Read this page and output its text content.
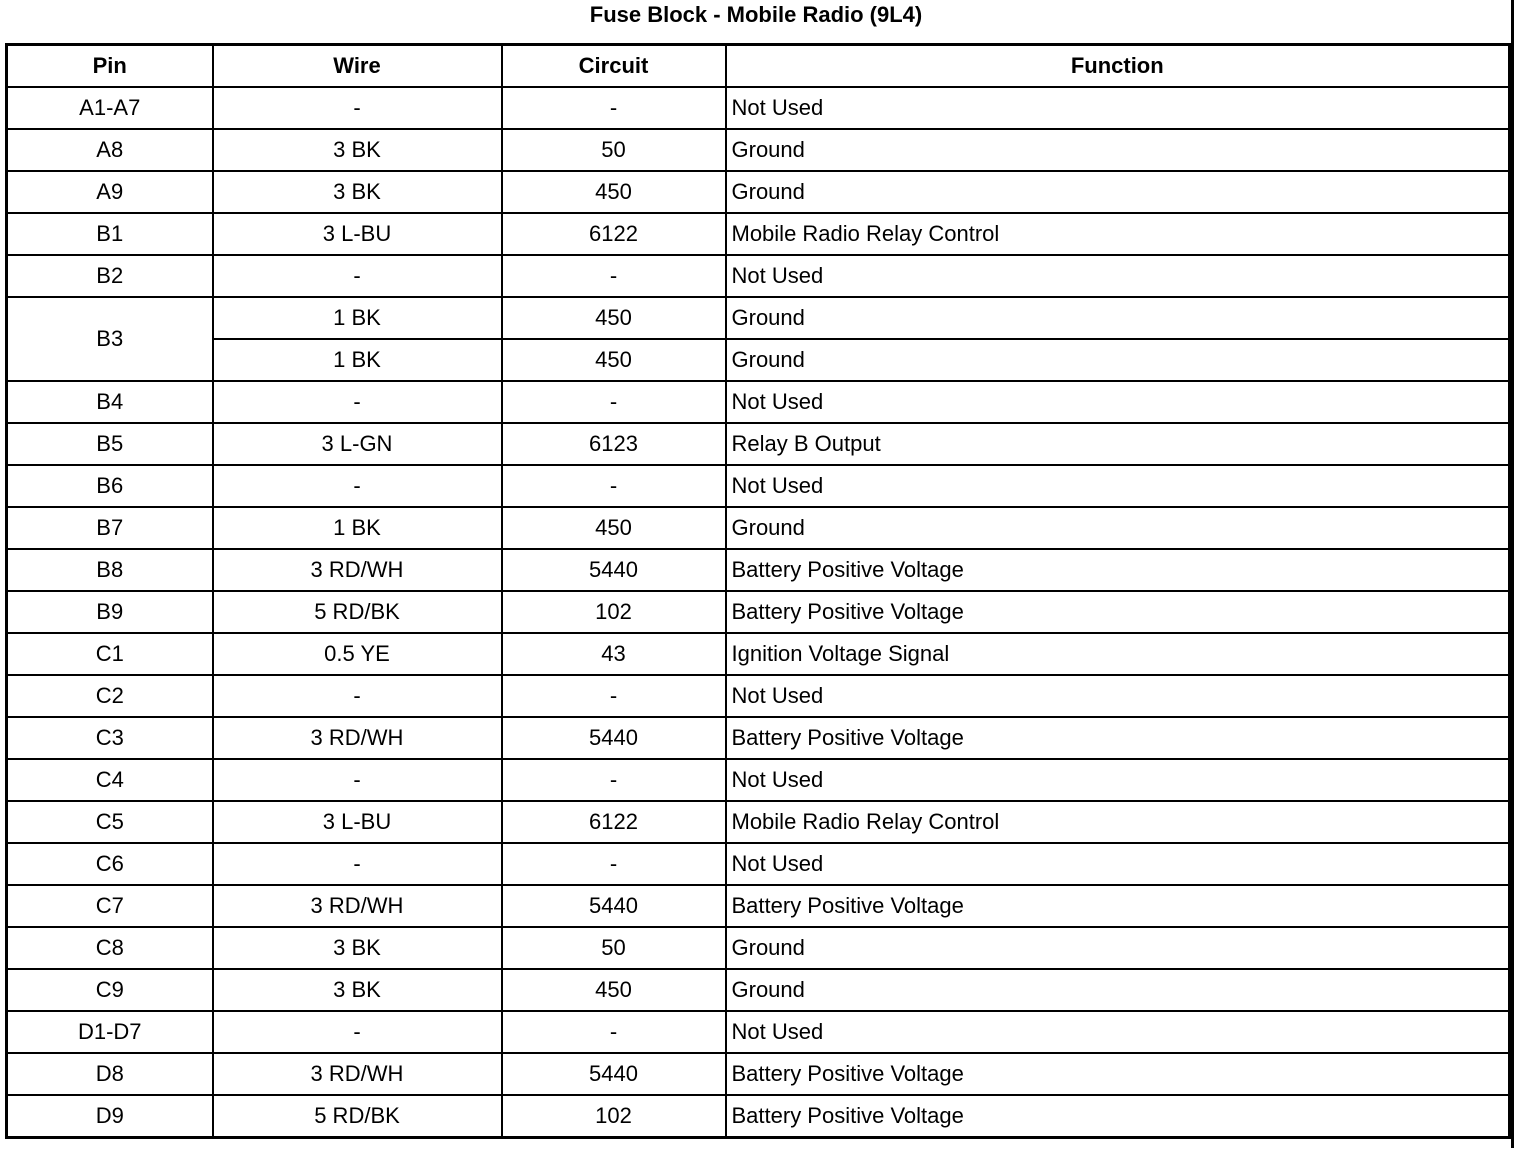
Fuse Block - Mobile Radio (9L4)
Pin	Wire	Circuit	Function
A1-A7	-	-	Not Used
A8	3 BK	50	Ground
A9	3 BK	450	Ground
B1	3 L-BU	6122	Mobile Radio Relay Control
B2	-	-	Not Used
B3	1 BK	450	Ground
	1 BK	450	Ground
B4	-	-	Not Used
B5	3 L-GN	6123	Relay B Output
B6	-	-	Not Used
B7	1 BK	450	Ground
B8	3 RD/WH	5440	Battery Positive Voltage
B9	5 RD/BK	102	Battery Positive Voltage
C1	0.5 YE	43	Ignition Voltage Signal
C2	-	-	Not Used
C3	3 RD/WH	5440	Battery Positive Voltage
C4	-	-	Not Used
C5	3 L-BU	6122	Mobile Radio Relay Control
C6	-	-	Not Used
C7	3 RD/WH	5440	Battery Positive Voltage
C8	3 BK	50	Ground
C9	3 BK	450	Ground
D1-D7	-	-	Not Used
D8	3 RD/WH	5440	Battery Positive Voltage
D9	5 RD/BK	102	Battery Positive Voltage
